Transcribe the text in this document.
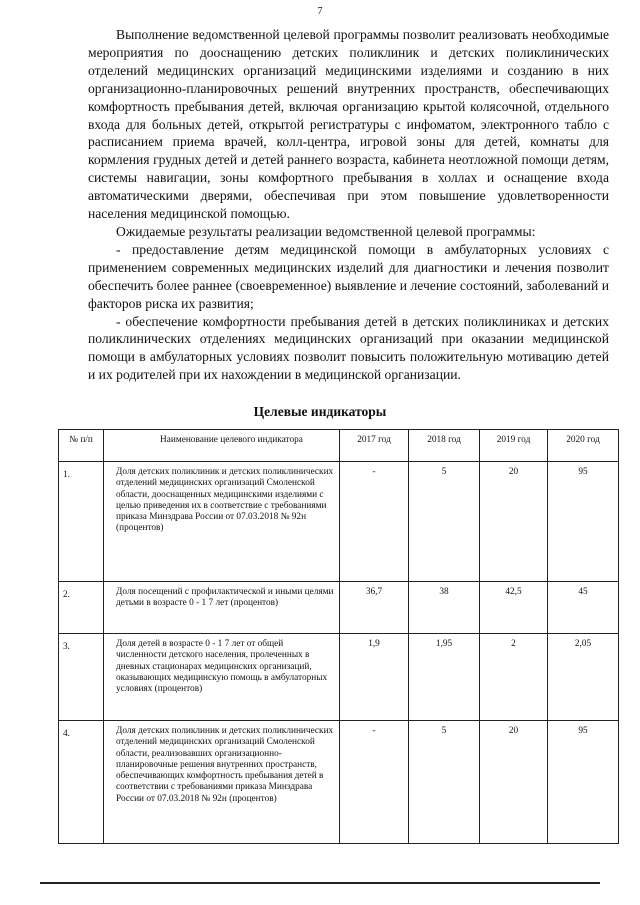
7

Выполнение ведомственной целевой программы позволит реализовать необходимые мероприятия по дооснащению детских поликлиник и детских поликлинических отделений медицинских организаций медицинскими изделиями и созданию в них организационно-планировочных решений внутренних пространств, обеспечивающих комфортность пребывания детей, включая организацию крытой колясочной, отдельного входа для больных детей, открытой регистратуры с инфоматом, электронного табло с расписанием приема врачей, колл-центра, игровой зоны для детей, комнаты для кормления грудных детей и детей раннего возраста, кабинета неотложной помощи детям, системы навигации, зоны комфортного пребывания в холлах и оснащение входа автоматическими дверями, обеспечивая при этом повышение удовлетворенности населения медицинской помощью.

Ожидаемые результаты реализации ведомственной целевой программы:

- предоставление детям медицинской помощи в амбулаторных условиях с применением современных медицинских изделий для диагностики и лечения позволит обеспечить более раннее (своевременное) выявление и лечение состояний, заболеваний и факторов риска их развития;

- обеспечение комфортности пребывания детей в детских поликлиниках и детских поликлинических отделениях медицинских организаций при оказании медицинской помощи в амбулаторных условиях позволит повысить положительную мотивацию детей и их родителей при их нахождении в медицинской организации.

Целевые индикаторы
№ п/п	Наименование целевого индикатора	2017 год	2018 год	2019 год	2020 год
1.	Доля детских поликлиник и детских поликлинических отделений медицинских организаций Смоленской области, дооснащенных медицинскими изделиями с целью приведения их в соответствие с требованиями приказа Минздрава России от 07.03.2018 № 92н (процентов)	-	5	20	95
2.	Доля посещений с профилактической и иными целями детьми в возрасте 0 - 1 7 лет (процентов)	36,7	38	42,5	45
3.	Доля детей в возрасте 0 - 1 7 лет от общей численности детского населения, пролеченных в дневных стационарах медицинских организаций, оказывающих медицинскую помощь в амбулаторных условиях (процентов)	1,9	1,95	2	2,05
4.	Доля детских поликлиник и детских поликлинических отделений медицинских организаций Смоленской области, реализовавших организационно-планировочные решения внутренних пространств, обеспечивающих комфортность пребывания детей в соответствии с требованиями приказа Минздрава России от 07.03.2018 № 92н (процентов)	-	5	20	95
